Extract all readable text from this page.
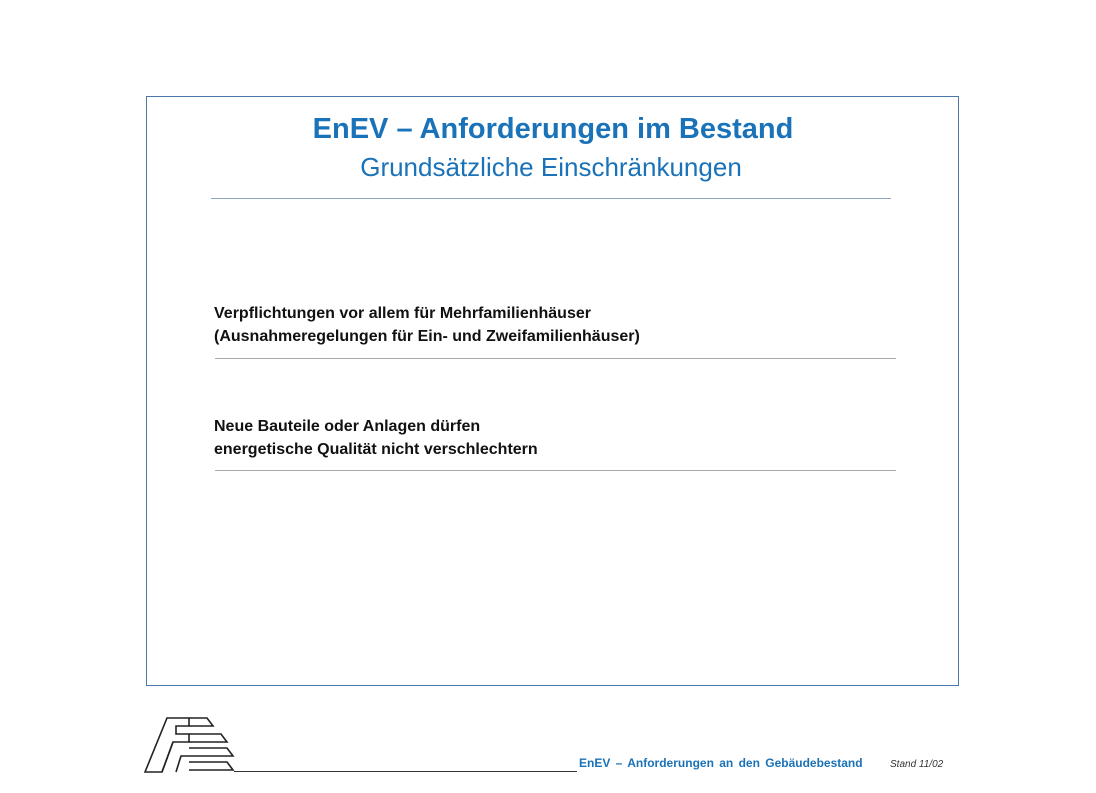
EnEV – Anforderungen im Bestand
Grundsätzliche Einschränkungen
Verpflichtungen vor allem für Mehrfamilienhäuser
(Ausnahmeregelungen für Ein- und Zweifamilienhäuser)
Neue Bauteile oder Anlagen dürfen
energetische Qualität nicht verschlechtern
EnEV – Anforderungen an den Gebäudebestand	Stand 11/02
